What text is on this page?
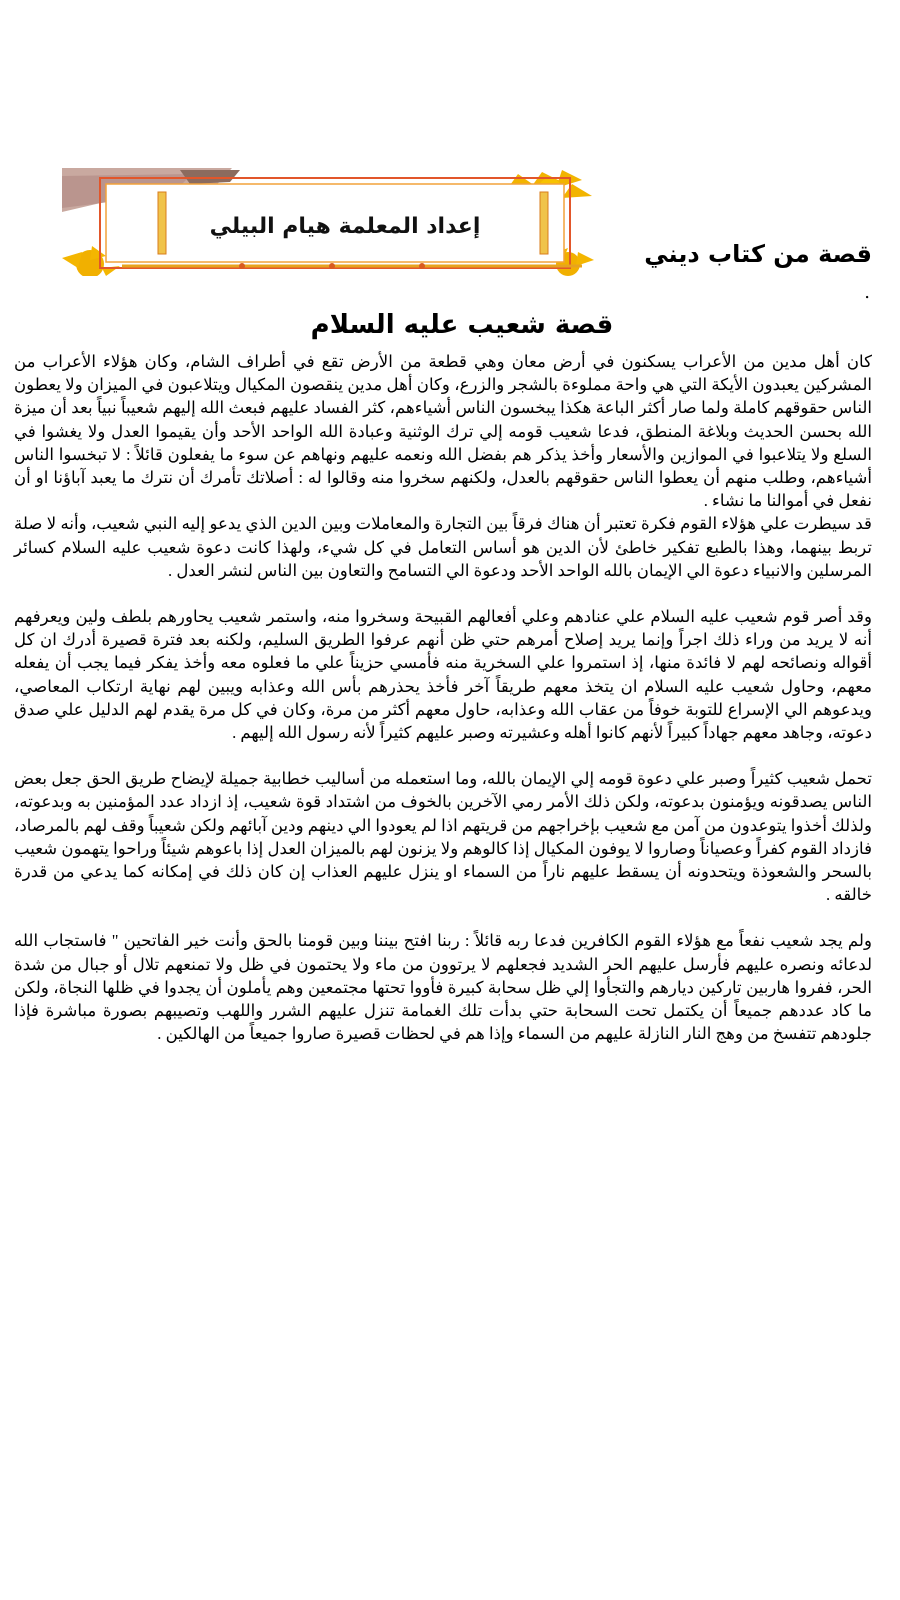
إعداد المعلمة هيام البيلي
قصة من كتاب ديني
.
قصة شعيب عليه السلام

كان أهل مدين من الأعراب يسكنون في أرض معان وهي قطعة من الأرض تقع في أطراف الشام، وكان هؤلاء الأعراب من المشركين يعبدون الأيكة التي هي واحة مملوءة بالشجر والزرع، وكان أهل مدين ينقصون المكيال ويتلاعبون في الميزان ولا يعطون الناس حقوقهم كاملة ولما صار أكثر الباعة هكذا يبخسون الناس أشياءهم، كثر الفساد عليهم فبعث الله إليهم شعيباً نبياً بعد أن ميزة الله بحسن الحديث وبلاغة المنطق، فدعا شعيب قومه إلي ترك الوثنية وعبادة الله الواحد الأحد وأن يقيموا العدل ولا يغشوا في السلع ولا يتلاعبوا في الموازين والأسعار وأخذ يذكر هم بفضل الله ونعمه عليهم ونهاهم عن سوء ما يفعلون قائلاً : لا تبخسوا الناس أشياءهم، وطلب منهم أن يعطوا الناس حقوقهم بالعدل، ولكنهم سخروا منه وقالوا له : أصلاتك تأمرك أن نترك ما يعبد آباؤنا او أن نفعل في أموالنا ما نشاء .

قد سيطرت علي هؤلاء القوم فكرة تعتبر أن هناك فرقاً بين التجارة والمعاملات وبين الدين الذي يدعو إليه النبي شعيب، وأنه لا صلة تربط بينهما، وهذا بالطبع تفكير خاطئ لأن الدين هو أساس التعامل في كل شيء، ولهذا كانت دعوة شعيب عليه السلام كسائر المرسلين والانبياء دعوة الي الإيمان بالله الواحد الأحد ودعوة الي التسامح والتعاون بين الناس لنشر العدل .

وقد أصر قوم شعيب عليه السلام علي عنادهم وعلي أفعالهم القبيحة وسخروا منه، واستمر شعيب يحاورهم بلطف ولين ويعرفهم أنه لا يريد من وراء ذلك اجراً وإنما يريد إصلاح أمرهم حتي ظن أنهم عرفوا الطريق السليم، ولكنه بعد فترة قصيرة أدرك ان كل أقواله ونصائحه لهم لا فائدة منها، إذ استمروا علي السخرية منه فأمسي حزيناً علي ما فعلوه معه وأخذ يفكر فيما يجب أن يفعله معهم، وحاول شعيب عليه السلام ان يتخذ معهم طريقاً آخر فأخذ يحذرهم بأس الله وعذابه ويبين لهم نهاية ارتكاب المعاصي، ويدعوهم الي الإسراع للتوبة خوفاً من عقاب الله وعذابه، حاول معهم أكثر من مرة، وكان في كل مرة يقدم لهم الدليل علي صدق دعوته، وجاهد معهم جهاداً كبيراً لأنهم كانوا أهله وعشيرته وصبر عليهم كثيراً لأنه رسول الله إليهم .

تحمل شعيب كثيراً وصبر علي دعوة قومه إلي الإيمان بالله، وما استعمله من أساليب خطابية جميلة لإيضاح طريق الحق جعل بعض الناس يصدقونه ويؤمنون بدعوته، ولكن ذلك الأمر رمي الآخرين بالخوف من اشتداد قوة شعيب، إذ ازداد عدد المؤمنين به وبدعوته، ولذلك أخذوا يتوعدون من آمن مع شعيب بإخراجهم من قريتهم اذا لم يعودوا الي دينهم ودين آبائهم ولكن شعيباً وقف لهم بالمرصاد، فازداد القوم كفراً وعصياناً وصاروا لا يوفون المكيال إذا كالوهم ولا يزنون لهم بالميزان العدل إذا باعوهم شيئاً وراحوا يتهمون شعيب بالسحر والشعوذة ويتحدونه أن يسقط عليهم ناراً من السماء او ينزل عليهم العذاب إن كان ذلك في إمكانه كما يدعي من قدرة خالقه .

ولم يجد شعيب نفعاً مع هؤلاء القوم الكافرين فدعا ربه قائلاً : ربنا افتح بيننا وبين قومنا بالحق وأنت خير الفاتحين " فاستجاب الله لدعائه ونصره عليهم فأرسل عليهم الحر الشديد فجعلهم لا يرتوون من ماء ولا يحتمون في ظل ولا تمنعهم تلال أو جبال من شدة الحر، ففروا هاربين تاركين ديارهم والتجأوا إلي ظل سحابة كبيرة فأووا تحتها مجتمعين وهم يأملون أن يجدوا في ظلها النجاة، ولكن ما كاد عددهم جميعاً أن يكتمل تحت السحابة حتي بدأت تلك الغمامة تنزل عليهم الشرر واللهب وتصيبهم بصورة مباشرة فإذا جلودهم تتفسخ من وهج النار النازلة عليهم من السماء وإذا هم في لحظات قصيرة صاروا جميعاً من الهالكين .
